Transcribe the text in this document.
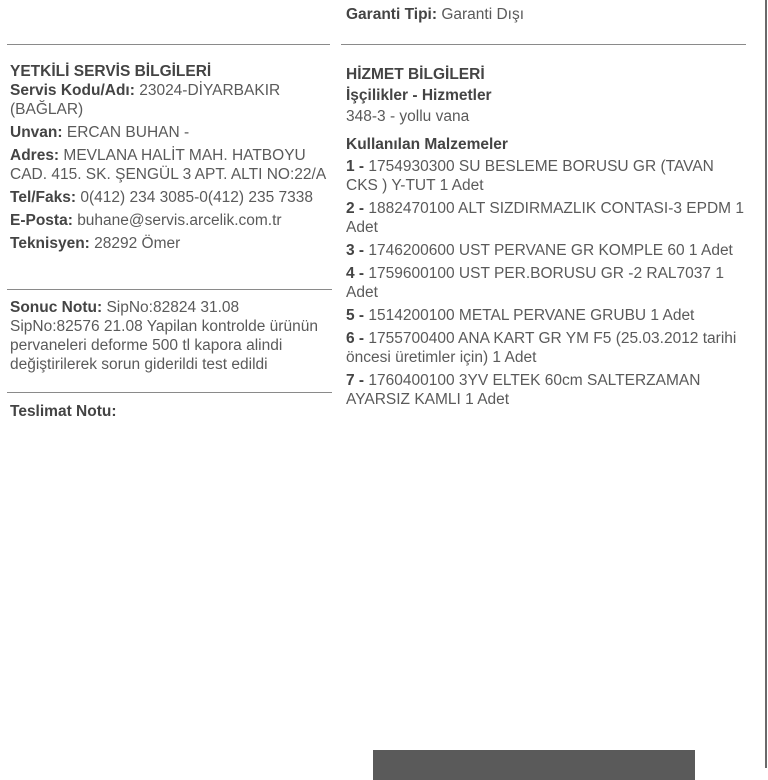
Garanti Tipi: Garanti Dışı

YETKİLİ SERVİS BİLGİLERİ

Servis Kodu/Adı: 23024-DİYARBAKIR (BAĞLAR)

Unvan: ERCAN BUHAN -

Adres: MEVLANA HALİT MAH. HATBOYU CAD. 415. SK. ŞENGÜL 3 APT. ALTI NO:22/A

Tel/Faks: 0(412) 234 3085-0(412) 235 7338

E-Posta: buhane@servis.arcelik.com.tr

Teknisyen: 28292 Ömer

Sonuc Notu: SipNo:82824 31.08 SipNo:82576 21.08 Yapilan kontrolde ürünün pervaneleri deforme 500 tl kapora alindi değiştirilerek sorun giderildi test edildi

Teslimat Notu:

HİZMET BİLGİLERİ

İşçilikler - Hizmetler

348-3 - yollu vana

Kullanılan Malzemeler

1 - 1754930300 SU BESLEME BORUSU GR (TAVAN CKS ) Y-TUT 1 Adet
2 - 1882470100 ALT SIZDIRMAZLIK CONTASI-3 EPDM 1 Adet
3 - 1746200600 UST PERVANE GR KOMPLE 60 1 Adet
4 - 1759600100 UST PER.BORUSU GR -2 RAL7037 1 Adet
5 - 1514200100 METAL PERVANE GRUBU 1 Adet
6 - 1755700400 ANA KART GR YM F5 (25.03.2012 tarihi öncesi üretimler için) 1 Adet
7 - 1760400100 3YV ELTEK 60cm SALTERZAMAN AYARSIZ KAMLI 1 Adet
